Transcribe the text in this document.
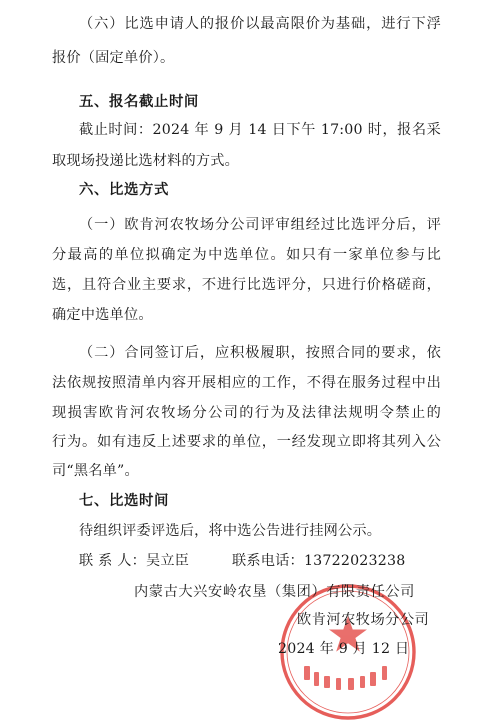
（六）比选申请人的报价以最高限价为基础，进行下浮
报价（固定单价）。
五、报名截止时间
截止时间：2024 年 9 月 14 日下午 17:00 时，报名采
取现场投递比选材料的方式。
六、比选方式
（一）欧肯河农牧场分公司评审组经过比选评分后，评
分最高的单位拟确定为中选单位。如只有一家单位参与比
选，且符合业主要求，不进行比选评分，只进行价格磋商，
确定中选单位。
（二）合同签订后，应积极履职，按照合同的要求，依
法依规按照清单内容开展相应的工作，不得在服务过程中出
现损害欧肯河农牧场分公司的行为及法律法规明令禁止的
行为。如有违反上述要求的单位，一经发现立即将其列入公
司“黑名单”。
七、比选时间
待组织评委评选后，将中选公告进行挂网公示。
联 系 人：吴立臣	联系电话：13722023238
内蒙古大兴安岭农垦（集团）有限责任公司
欧肯河农牧场分公司
2024 年 9 月 12 日
